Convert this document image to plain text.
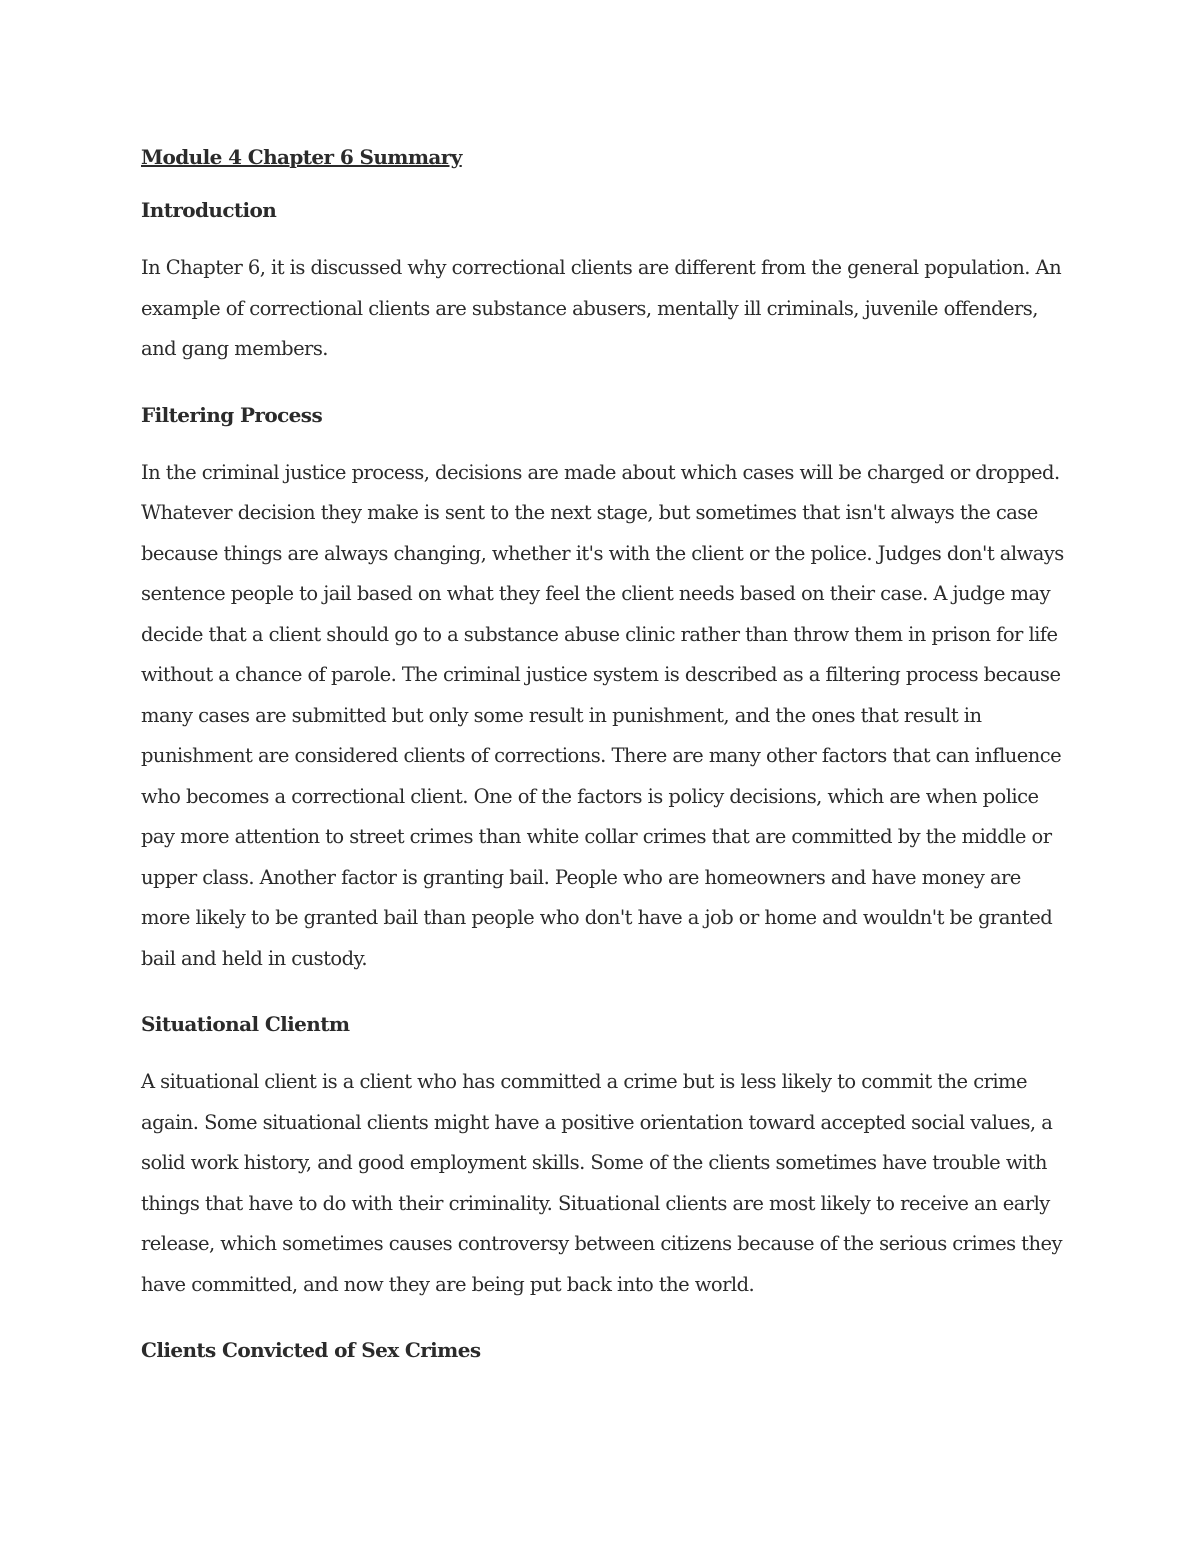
Module 4 Chapter 6 Summary
Introduction

In Chapter 6, it is discussed why correctional clients are different from the general population. An example of correctional clients are substance abusers, mentally ill criminals, juvenile offenders, and gang members.

Filtering Process

In the criminal justice process, decisions are made about which cases will be charged or dropped. Whatever decision they make is sent to the next stage, but sometimes that isn't always the case because things are always changing, whether it's with the client or the police. Judges don't always sentence people to jail based on what they feel the client needs based on their case. A judge may decide that a client should go to a substance abuse clinic rather than throw them in prison for life without a chance of parole. The criminal justice system is described as a filtering process because many cases are submitted but only some result in punishment, and the ones that result in punishment are considered clients of corrections. There are many other factors that can influence who becomes a correctional client. One of the factors is policy decisions, which are when police pay more attention to street crimes than white collar crimes that are committed by the middle or upper class. Another factor is granting bail. People who are homeowners and have money are more likely to be granted bail than people who don't have a job or home and wouldn't be granted bail and held in custody.

Situational Clientm

A situational client is a client who has committed a crime but is less likely to commit the crime again. Some situational clients might have a positive orientation toward accepted social values, a solid work history, and good employment skills. Some of the clients sometimes have trouble with things that have to do with their criminality. Situational clients are most likely to receive an early release, which sometimes causes controversy between citizens because of the serious crimes they have committed, and now they are being put back into the world.

Clients Convicted of Sex Crimes
